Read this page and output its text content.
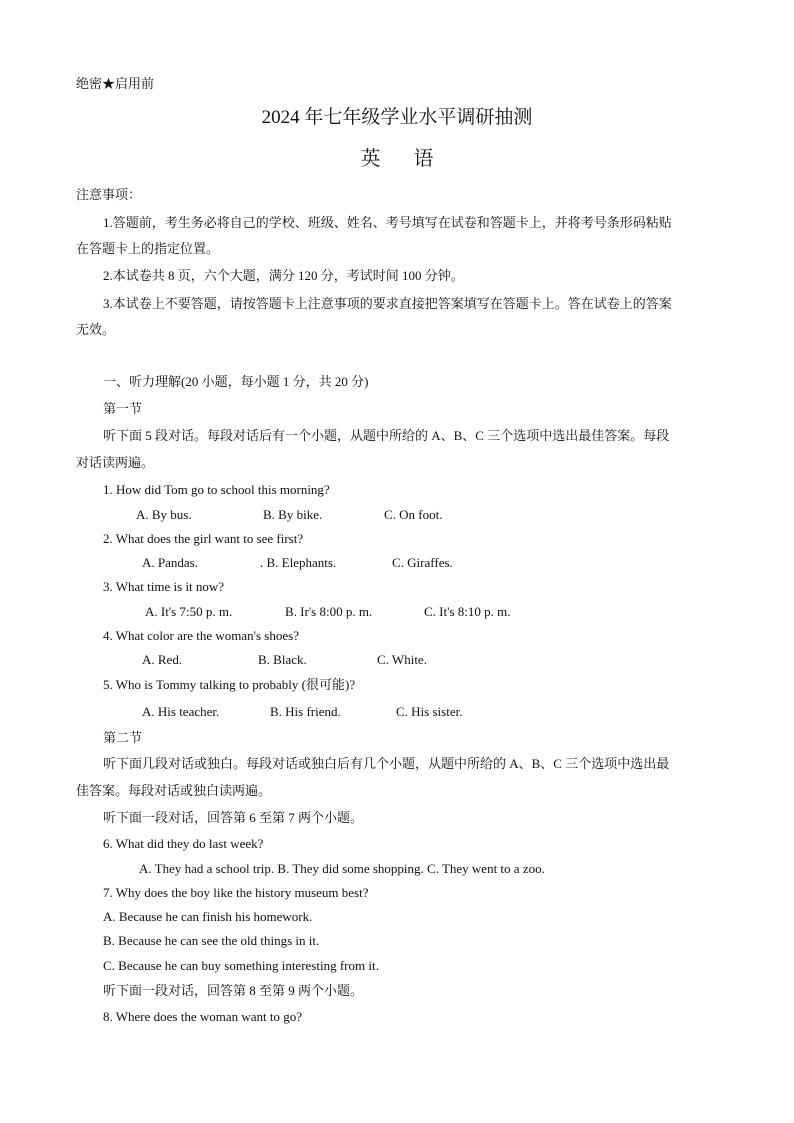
绝密★启用前
2024 年七年级学业水平调研抽测
英 语
注意事项：
1.答题前，考生务必将自己的学校、班级、姓名、考号填写在试卷和答题卡上，并将考号条形码粘贴
在答题卡上的指定位置。
2.本试卷共 8 页，六个大题，满分 120 分，考试时间 100 分钟。
3.本试卷上不要答题，请按答题卡上注意事项的要求直接把答案填写在答题卡上。答在试卷上的答案
无效。
一、听力理解(20 小题，每小题 1 分，共 20 分)
第一节
听下面 5 段对话。每段对话后有一个小题，从题中所给的 A、B、C 三个选项中选出最佳答案。每段
对话读两遍。
1. How did Tom go to school this morning?
A. By bus.	B. By bike.	C. On foot.
2. What does the girl want to see first?
A. Pandas.	. B. Elephants.	C. Giraffes.
3. What time is it now?
A. It's 7:50 p. m.	B. Ir's 8:00 p. m.	C. It's 8:10 p. m.
4. What color are the woman's shoes?
A. Red.	B. Black.	C. White.
5. Who is Tommy talking to probably (很可能)?
A. His teacher.	B. His friend.	C. His sister.
第二节
听下面几段对话或独白。每段对话或独白后有几个小题，从题中所给的 A、B、C 三个选项中选出最
佳答案。每段对话或独白读两遍。
听下面一段对话，回答第 6 至第 7 两个小题。
6. What did they do last week?
A. They had a school trip. B. They did some shopping. C. They went to a zoo.
7. Why does the boy like the history museum best?
A. Because he can finish his homework.
B. Because he can see the old things in it.
C. Because he can buy something interesting from it.
听下面一段对话，回答第 8 至第 9 两个小题。
8. Where does the woman want to go?
